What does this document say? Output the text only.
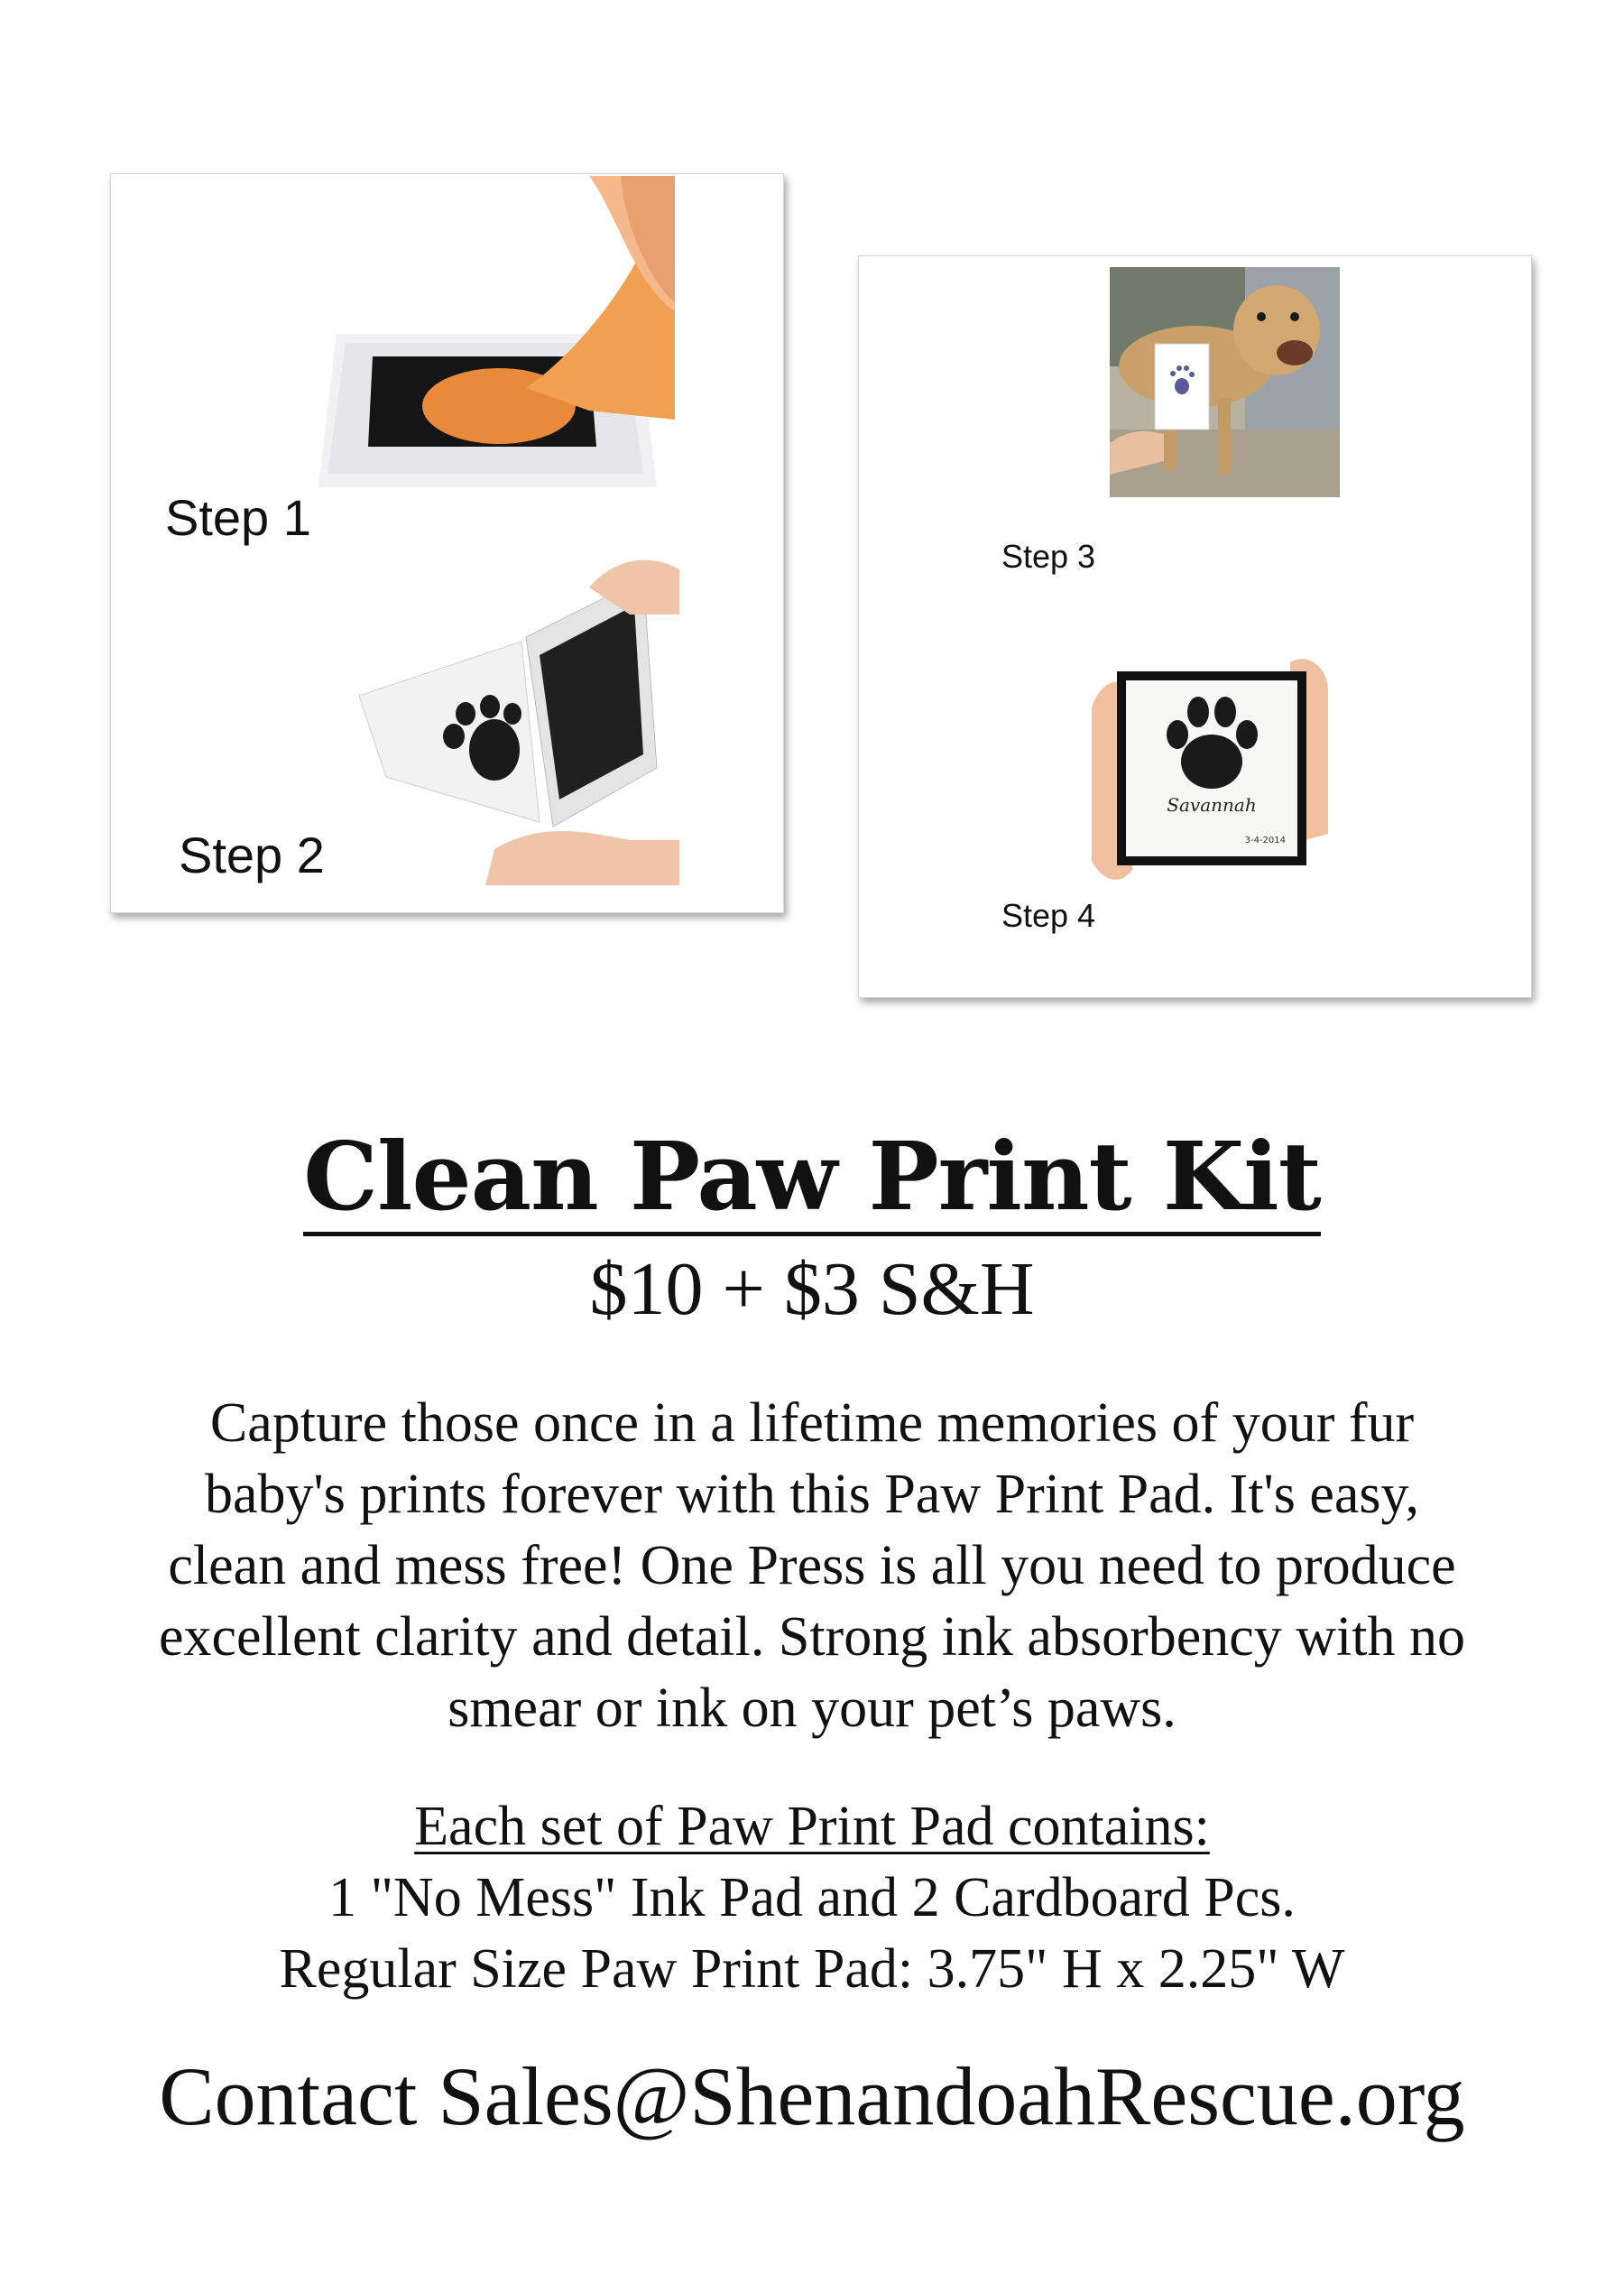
Step 1
Step 2
Step 3
Savannah
3-4-2014
Step 4
Clean Paw Print Kit
$10 + $3 S&H
Capture those once in a lifetime memories of your fur
baby's prints forever with this Paw Print Pad. It's easy,
clean and mess free! One Press is all you need to produce
excellent clarity and detail. Strong ink absorbency with no
smear or ink on your pet’s paws.
Each set of Paw Print Pad contains:
1 "No Mess" Ink Pad and 2 Cardboard Pcs.
Regular Size Paw Print Pad: 3.75" H x 2.25" W
Contact Sales@ShenandoahRescue.org
